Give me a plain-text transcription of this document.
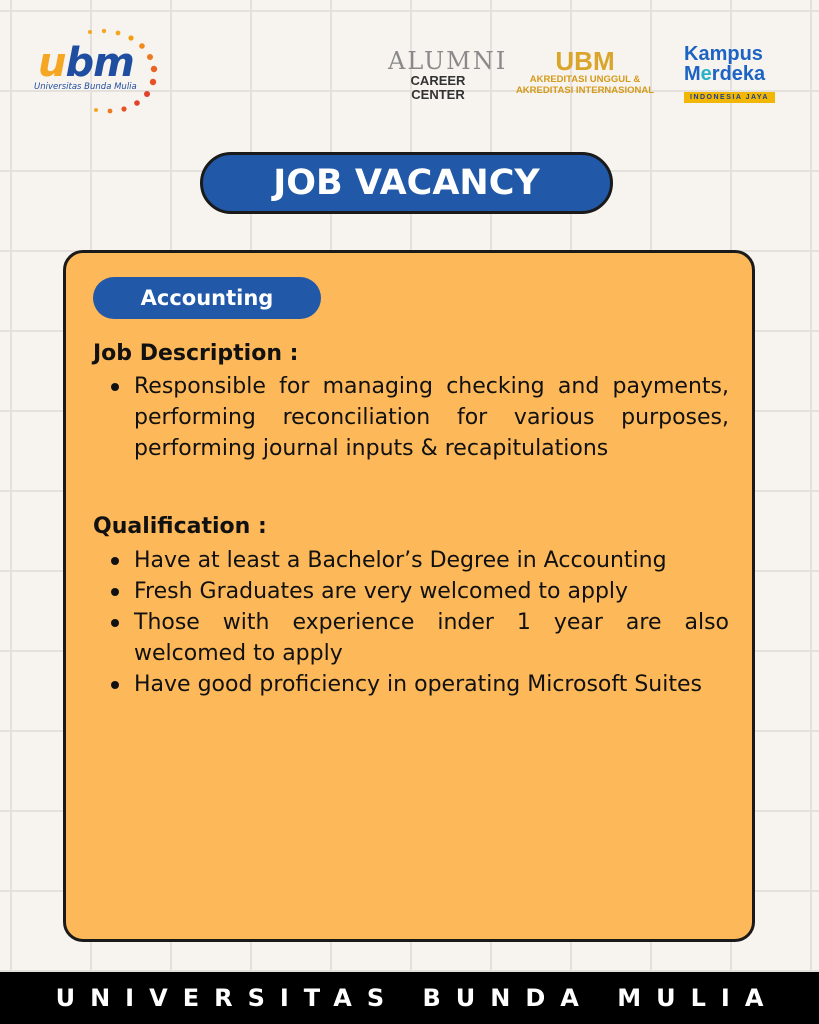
ubm
Universitas Bunda Mulia
ALUMNI
CAREER CENTER
UBM
AKREDITASI UNGGUL &
AKREDITASI INTERNASIONAL
Kampus
Merdeka
INDONESIA JAYA
JOB VACANCY
Accounting
Job Description :
Responsible for managing checking and payments, performing reconciliation for various purposes, performing journal inputs & recapitulations
Qualification :
Have at least a Bachelor’s Degree in Accounting
Fresh Graduates are very welcomed to apply
Those with experience inder 1 year are also welcomed to apply
Have good proficiency in operating Microsoft Suites
UNIVERSITAS BUNDA MULIA
